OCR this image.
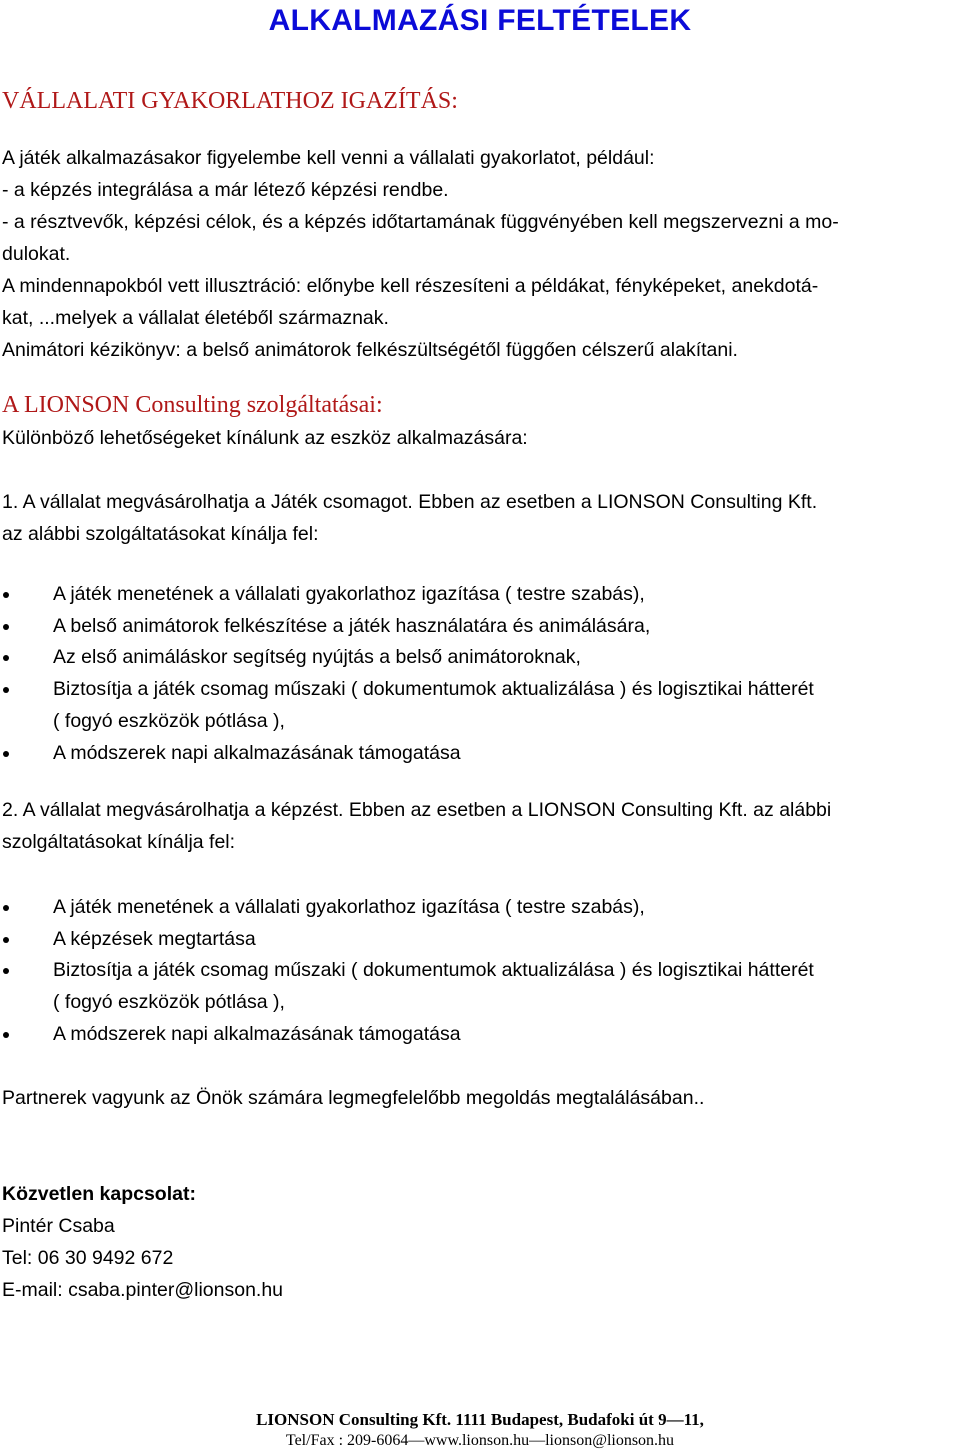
ALKALMAZÁSI FELTÉTELEK
VÁLLALATI GYAKORLATHOZ IGAZÍTÁS:
A játék alkalmazásakor figyelembe kell venni a vállalati gyakorlatot, például:
- a képzés integrálása a már létező képzési rendbe.
- a résztvevők, képzési célok, és a képzés időtartamának függvényében kell megszervezni a mo-
dulokat.
A mindennapokból vett illusztráció: előnybe kell részesíteni a példákat, fényképeket, anekdotá-
kat, ...melyek a vállalat életéből származnak.
Animátori kézikönyv: a belső animátorok felkészültségétől függően célszerű alakítani.
A LIONSON Consulting szolgáltatásai:
Különböző lehetőségeket kínálunk az eszköz alkalmazására:
1. A vállalat megvásárolhatja a Játék csomagot. Ebben az esetben a LIONSON Consulting Kft.
az alábbi szolgáltatásokat kínálja fel:
A játék menetének a vállalati gyakorlathoz igazítása ( testre szabás),
A belső animátorok felkészítése a játék használatára és animálására,
Az első animáláskor segítség nyújtás a belső animátoroknak,
Biztosítja a játék csomag műszaki ( dokumentumok aktualizálása ) és logisztikai hátterét
( fogyó eszközök pótlása ),
A módszerek napi alkalmazásának támogatása
2. A vállalat megvásárolhatja a képzést. Ebben az esetben a LIONSON Consulting Kft. az alábbi
szolgáltatásokat kínálja fel:
A játék menetének a vállalati gyakorlathoz igazítása ( testre szabás),
A képzések megtartása
Biztosítja a játék csomag műszaki ( dokumentumok aktualizálása ) és logisztikai hátterét
( fogyó eszközök pótlása ),
A módszerek napi alkalmazásának támogatása
Partnerek vagyunk az Önök számára legmegfelelőbb megoldás megtalálásában..
Közvetlen kapcsolat:
Pintér Csaba
Tel: 06 30 9492 672
E-mail: csaba.pinter@lionson.hu
LIONSON Consulting Kft. 1111 Budapest, Budafoki út 9—11,
Tel/Fax : 209-6064—www.lionson.hu—lionson@lionson.hu
